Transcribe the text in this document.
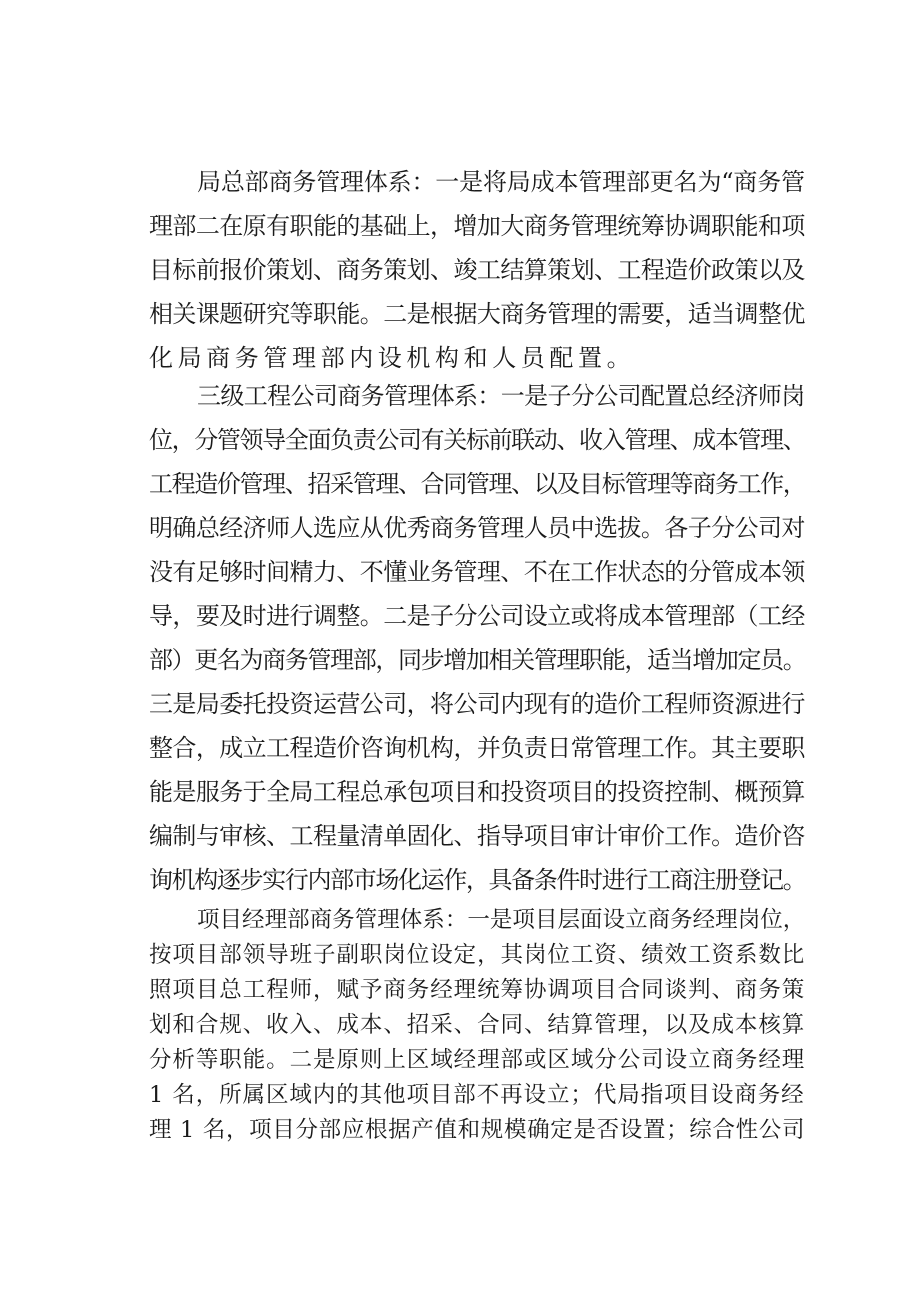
局总部商务管理体系：一是将局成本管理部更名为“商务管

理部二在原有职能的基础上，增加大商务管理统筹协调职能和项

目标前报价策划、商务策划、竣工结算策划、工程造价政策以及

相关课题研究等职能。二是根据大商务管理的需要，适当调整优

化局商务管理部内设机构和人员配置。

三级工程公司商务管理体系：一是子分公司配置总经济师岗

位，分管领导全面负责公司有关标前联动、收入管理、成本管理、

工程造价管理、招采管理、合同管理、以及目标管理等商务工作，

明确总经济师人选应从优秀商务管理人员中选拔。各子分公司对

没有足够时间精力、不懂业务管理、不在工作状态的分管成本领

导，要及时进行调整。二是子分公司设立或将成本管理部（工经

部）更名为商务管理部，同步增加相关管理职能，适当增加定员。

三是局委托投资运营公司，将公司内现有的造价工程师资源进行

整合，成立工程造价咨询机构，并负责日常管理工作。其主要职

能是服务于全局工程总承包项目和投资项目的投资控制、概预算

编制与审核、工程量清单固化、指导项目审计审价工作。造价咨

询机构逐步实行内部市场化运作，具备条件时进行工商注册登记。

项目经理部商务管理体系：一是项目层面设立商务经理岗位，

按项目部领导班子副职岗位设定，其岗位工资、绩效工资系数比

照项目总工程师，赋予商务经理统筹协调项目合同谈判、商务策

划和合规、收入、成本、招采、合同、结算管理，以及成本核算

分析等职能。二是原则上区域经理部或区域分公司设立商务经理

1 名，所属区域内的其他项目部不再设立；代局指项目设商务经

理 1 名，项目分部应根据产值和规模确定是否设置；综合性公司
